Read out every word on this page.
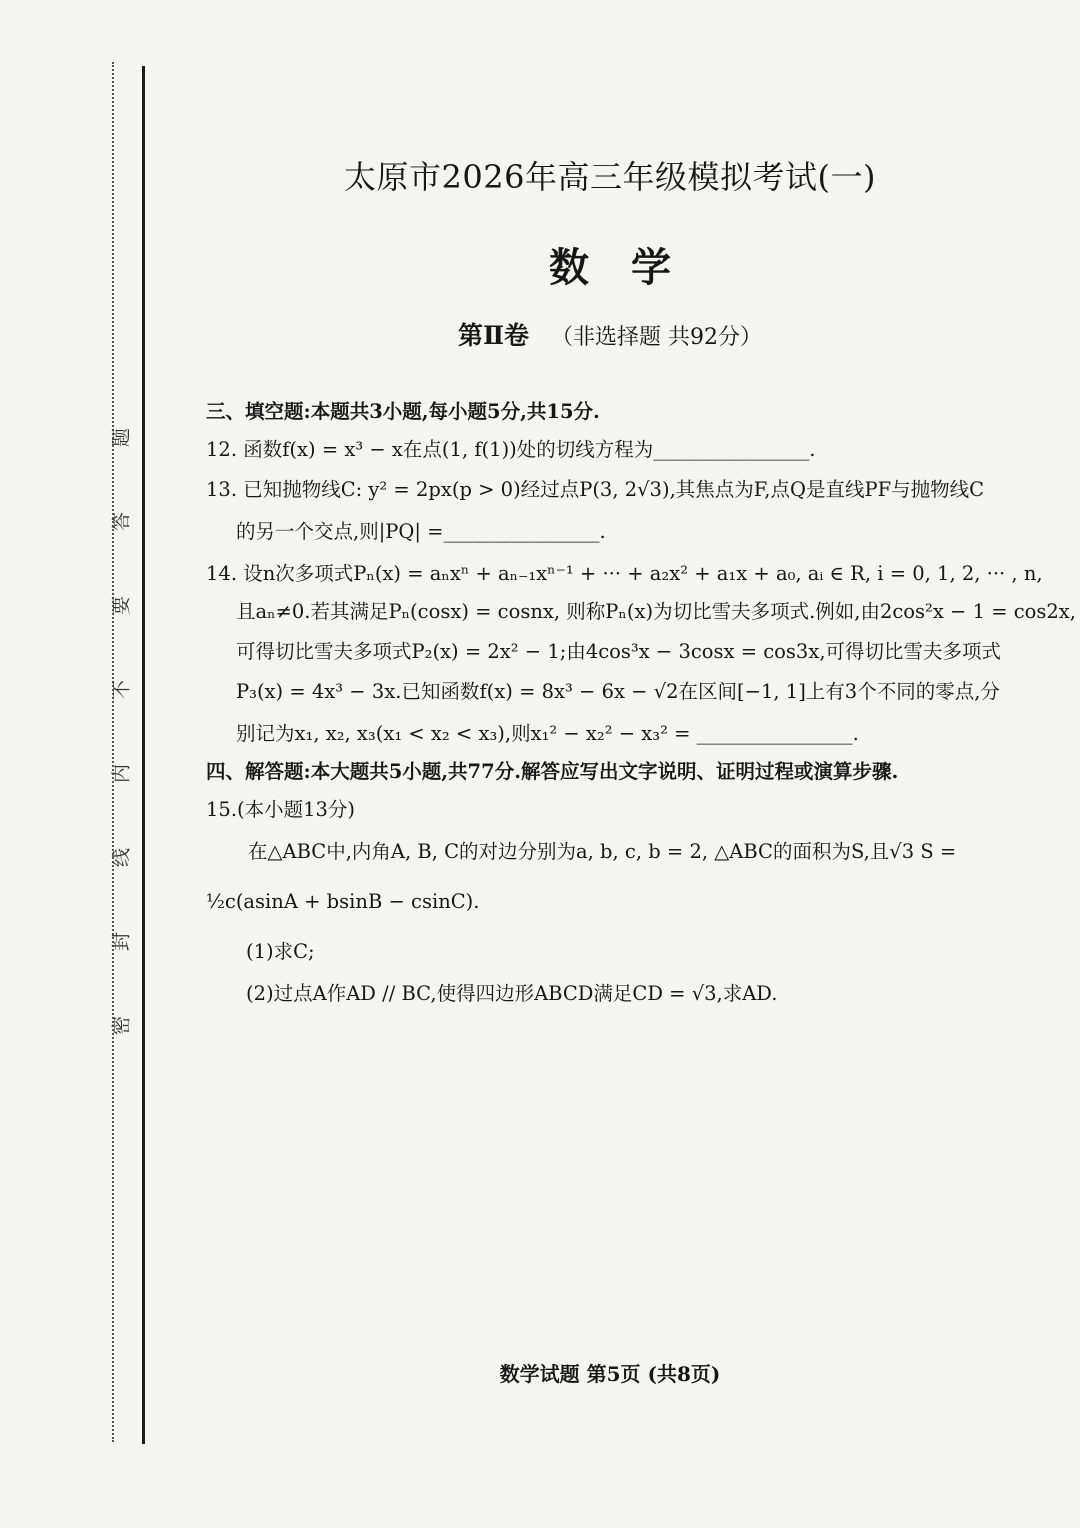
密
封
线
内
不
要
答
题
太原市2026年高三年级模拟考试(一)
数学
第Ⅱ卷 （非选择题 共92分）
三、填空题:本题共3小题,每小题5分,共15分.
12. 函数f(x) = x³ − x在点(1, f(1))处的切线方程为________________.
13. 已知抛物线C: y² = 2px(p > 0)经过点P(3, 2√3),其焦点为F,点Q是直线PF与抛物线C
的另一个交点,则|PQ| =________________.
14. 设n次多项式Pₙ(x) = aₙxⁿ + aₙ₋₁xⁿ⁻¹ + ··· + a₂x² + a₁x + a₀, aᵢ ∈ R, i = 0, 1, 2, ··· , n,
且aₙ≠0.若其满足Pₙ(cosx) = cosnx, 则称Pₙ(x)为切比雪夫多项式.例如,由2cos²x − 1 = cos2x,
可得切比雪夫多项式P₂(x) = 2x² − 1;由4cos³x − 3cosx = cos3x,可得切比雪夫多项式
P₃(x) = 4x³ − 3x.已知函数f(x) = 8x³ − 6x − √2在区间[−1, 1]上有3个不同的零点,分
别记为x₁, x₂, x₃(x₁ < x₂ < x₃),则x₁² − x₂² − x₃² = ________________.
四、解答题:本大题共5小题,共77分.解答应写出文字说明、证明过程或演算步骤.
15.(本小题13分)
在△ABC中,内角A, B, C的对边分别为a, b, c, b = 2, △ABC的面积为S,且√3 S =
½c(asinA + bsinB − csinC).
(1)求C;
(2)过点A作AD // BC,使得四边形ABCD满足CD = √3,求AD.
数学试题 第5页 (共8页)
